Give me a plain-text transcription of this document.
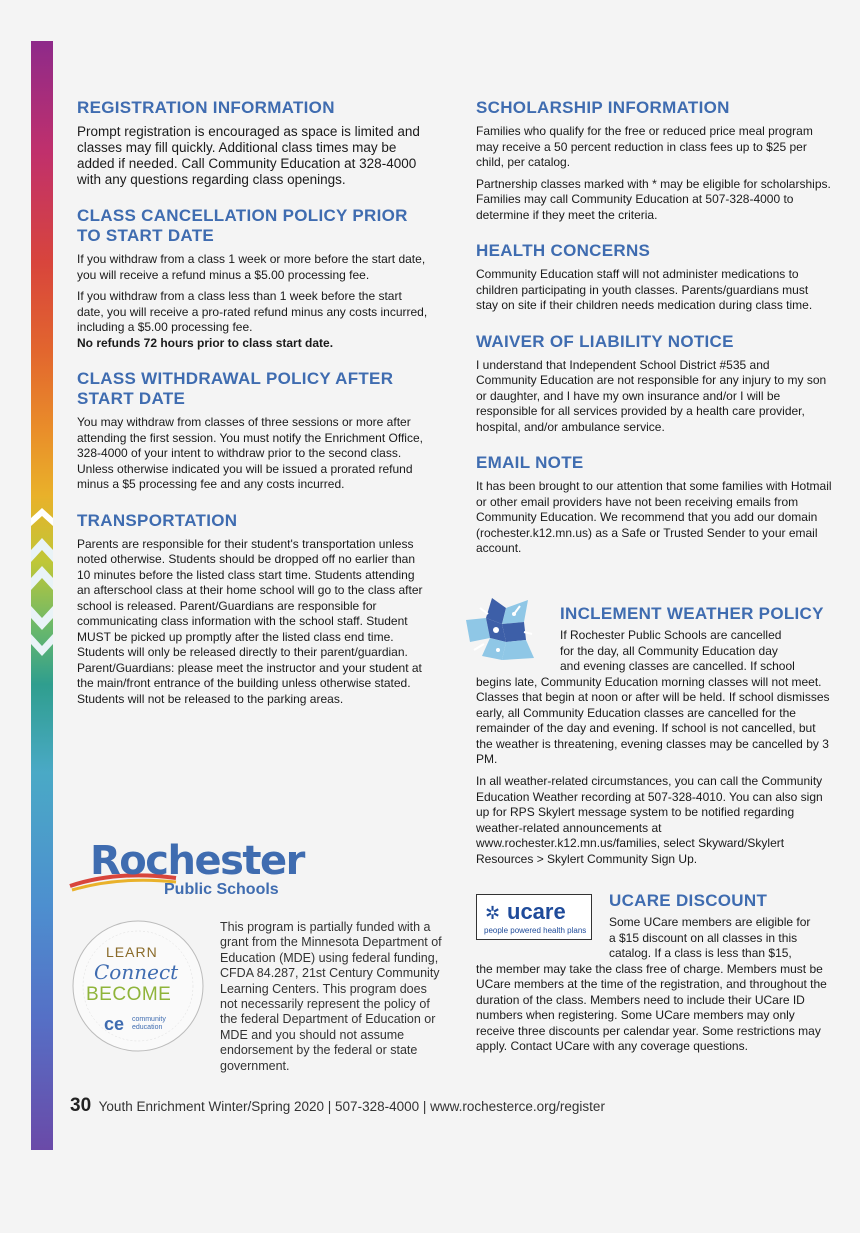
REGISTRATION INFORMATION

Prompt registration is encouraged as space is limited and classes may fill quickly. Additional class times may be added if needed. Call Community Education at 328-4000 with any questions regarding class openings.

CLASS CANCELLATION POLICY PRIOR TO START DATE

If you withdraw from a class 1 week or more before the start date, you will receive a refund minus a $5.00 processing fee.

If you withdraw from a class less than 1 week before the start date, you will receive a pro-rated refund minus any costs incurred, including a $5.00 processing fee.

No refunds 72 hours prior to class start date.

CLASS WITHDRAWAL POLICY AFTER START DATE

You may withdraw from classes of three sessions or more after attending the first session. You must notify the Enrichment Office, 328-4000 of your intent to withdraw prior to the second class. Unless otherwise indicated you will be issued a prorated refund minus a $5 processing fee and any costs incurred.

TRANSPORTATION

Parents are responsible for their student's transportation unless noted otherwise. Students should be dropped off no earlier than 10 minutes before the listed class start time. Students attending an afterschool class at their home school will go to the class after school is released. Parent/Guardians are responsible for communicating class information with the school staff. Student MUST be picked up promptly after the listed class end time. Students will only be released directly to their parent/guardian. Parent/Guardians: please meet the instructor and your student at the main/front entrance of the building unless otherwise stated. Students will not be released to the parking areas.

SCHOLARSHIP INFORMATION

Families who qualify for the free or reduced price meal program may receive a 50 percent reduction in class fees up to $25 per child, per catalog.

Partnership classes marked with * may be eligible for scholarships. Families may call Community Education at 507-328-4000 to determine if they meet the criteria.

HEALTH CONCERNS

Community Education staff will not administer medications to children participating in youth classes. Parents/guardians must stay on site if their children needs medication during class time.

WAIVER OF LIABILITY NOTICE

I understand that Independent School District #535 and Community Education are not responsible for any injury to my son or daughter, and I have my own insurance and/or I will be responsible for all services provided by a health care provider, hospital, and/or ambulance service.

EMAIL NOTE

It has been brought to our attention that some families with Hotmail or other email providers have not been receiving emails from Community Education. We recommend that you add our domain (rochester.k12.mn.us) as a Safe or Trusted Sender to your email account.

INCLEMENT WEATHER POLICY

If Rochester Public Schools are cancelled

for the day, all Community Education day

and evening classes are cancelled. If school

begins late, Community Education morning classes will not meet. Classes that begin at noon or after will be held. If school dismisses early, all Community Education classes are cancelled for the remainder of the day and evening. If school is not cancelled, but the weather is threatening, evening classes may be cancelled by 3 PM.

In all weather-related circumstances, you can call the Community Education Weather recording at 507-328-4010. You can also sign up for RPS Skylert message system to be notified regarding weather-related announcements at www.rochester.k12.mn.us/families, select Skyward/Skylert Resources > Skylert Community Sign Up.

✲ ucare
people powered health plans
UCARE DISCOUNT

Some UCare members are eligible for

a $15 discount on all classes in this

catalog. If a class is less than $15,

the member may take the class free of charge. Members must be UCare members at the time of the registration, and throughout the duration of the class. Members need to include their UCare ID numbers when registering. Some UCare members may only receive three discounts per calendar year. Some restrictions may apply. Contact UCare with any coverage questions.

Rochester
Public Schools
LEARN
Connect
BECOME
ce community education
This program is partially funded with a grant from the Minnesota Department of Education (MDE) using federal funding, CFDA 84.287, 21st Century Community Learning Centers. This program does not necessarily represent the policy of the federal Department of Education or MDE and you should not assume endorsement by the federal or state government.
30 Youth Enrichment Winter/Spring 2020 | 507-328-4000 | www.rochesterce.org/register
